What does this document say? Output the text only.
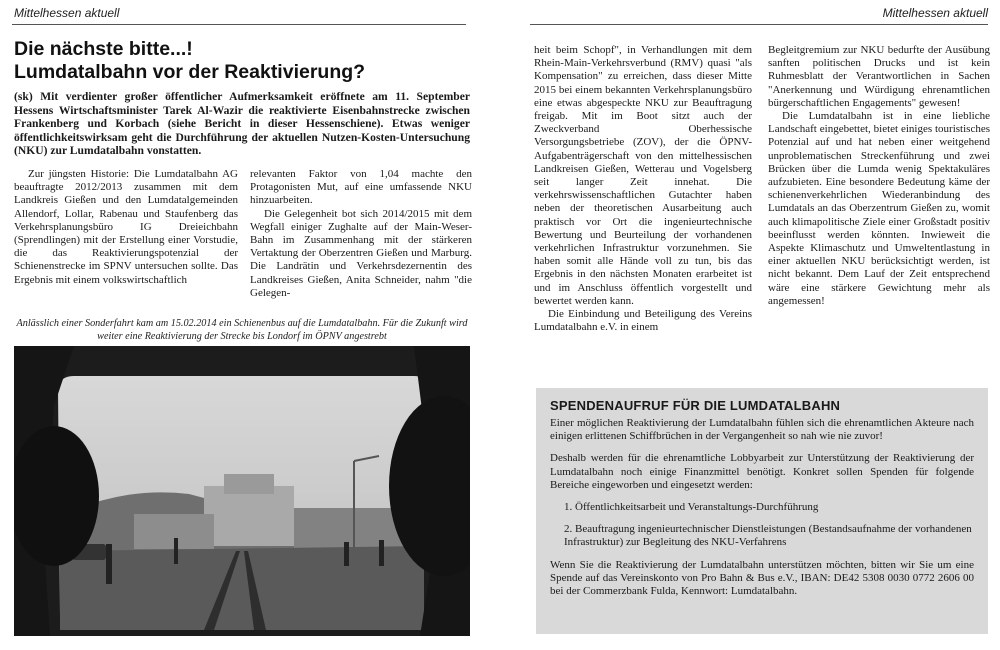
Mittelhessen aktuell	Mittelhessen aktuell
Die nächste bitte...!
Lumdatalbahn vor der Reaktivierung?
(sk) Mit verdienter großer öffentlicher Aufmerksamkeit eröffnete am 11. September Hessens Wirtschaftsminister Tarek Al-Wazir die reaktivierte Eisenbahnstrecke zwischen Frankenberg und Korbach (siehe Bericht in dieser Hessenschiene). Etwas weniger öffentlichkeitswirksam geht die Durchführung der aktuellen Nutzen-Kosten-Untersuchung (NKU) zur Lumdatalbahn vonstatten.

Zur jüngsten Historie: Die Lumdatalbahn AG beauftragte 2012/2013 zusammen mit dem Landkreis Gießen und den Lumdatalgemeinden Allendorf, Lollar, Rabenau und Staufenberg das Verkehrsplanungsbüro IG Dreieichbahn (Sprendlingen) mit der Erstellung einer Vorstudie, die das Reaktivierungspotenzial der Schienenstrecke im SPNV untersuchen sollte. Das Ergebnis mit einem volkswirtschaftlich

relevanten Faktor von 1,04 machte den Protagonisten Mut, auf eine umfassende NKU hinzuarbeiten.

Die Gelegenheit bot sich 2014/2015 mit dem Wegfall einiger Zughalte auf der Main-Weser-Bahn im Zusammenhang mit der stärkeren Vertaktung der Oberzentren Gießen und Marburg. Die Landrätin und Verkehrsdezernentin des Landkreises Gießen, Anita Schneider, nahm "die Gelegen-

Anlässlich einer Sonderfahrt kam am 15.02.2014 ein Schienenbus auf die Lumdatalbahn. Für die Zukunft wird weiter eine Reaktivierung der Strecke bis Londorf im ÖPNV angestrebt

heit beim Schopf", in Verhandlungen mit dem Rhein-Main-Verkehrsverbund (RMV) quasi "als Kompensation" zu erreichen, dass dieser Mitte 2015 bei einem bekannten Verkehrsplanungsbüro eine etwas abgespeckte NKU zur Beauftragung freigab. Mit im Boot sitzt auch der Zweckverband Oberhessische Versorgungsbetriebe (ZOV), der die ÖPNV-Aufgabenträgerschaft von den mittelhessischen Landkreisen Gießen, Wetterau und Vogelsberg seit langer Zeit innehat. Die verkehrswissenschaftlichen Gutachter haben neben der theoretischen Ausarbeitung auch praktisch vor Ort die ingenieurtechnische Bewertung und Beurteilung der vorhandenen verkehrlichen Infrastruktur vorzunehmen. Sie haben somit alle Hände voll zu tun, bis das Ergebnis in den nächsten Monaten erarbeitet ist und im Anschluss öffentlich vorgestellt und bewertet werden kann.

Die Einbindung und Beteiligung des Vereins Lumdatalbahn e.V. in einem

Begleitgremium zur NKU bedurfte der Ausübung sanften politischen Drucks und ist kein Ruhmesblatt der Verantwortlichen in Sachen "Anerkennung und Würdigung ehrenamtlichen bürgerschaftlichen Engagements" gewesen!

Die Lumdatalbahn ist in eine liebliche Landschaft eingebettet, bietet einiges touristisches Potenzial auf und hat neben einer weitgehend unproblematischen Streckenführung und zwei Brücken über die Lumda wenig Spektakuläres aufzubieten. Eine besondere Bedeutung käme der schienenverkehrlichen Wiederanbindung des Lumdatals an das Oberzentrum Gießen zu, womit auch klimapolitische Ziele einer Großstadt positiv beeinflusst werden könnten. Inwieweit die Aspekte Klimaschutz und Umweltentlastung in einer aktuellen NKU berücksichtigt werden, ist nicht bekannt. Dem Lauf der Zeit entsprechend wäre eine stärkere Gewichtung mehr als angemessen!

SPENDENAUFRUF FÜR DIE LUMDATALBAHN

Einer möglichen Reaktivierung der Lumdatalbahn fühlen sich die ehrenamtlichen Akteure nach einigen erlittenen Schiffbrüchen in der Vergangenheit so nah wie nie zuvor!

Deshalb werden für die ehrenamtliche Lobbyarbeit zur Unterstützung der Reaktivierung der Lumdatalbahn noch einige Finanzmittel benötigt. Konkret sollen Spenden für folgende Bereiche eingeworben und eingesetzt werden:

1. Öffentlichkeitsarbeit und Veranstaltungs-Durchführung
2. Beauftragung ingenieurtechnischer Dienstleistungen (Bestandsaufnahme der vorhandenen Infrastruktur) zur Begleitung des NKU-Verfahrens

Wenn Sie die Reaktivierung der Lumdatalbahn unterstützen möchten, bitten wir Sie um eine Spende auf das Vereinskonto von Pro Bahn & Bus e.V., IBAN: DE42 5308 0030 0772 2606 00 bei der Commerzbank Fulda, Kennwort: Lumdatalbahn.
